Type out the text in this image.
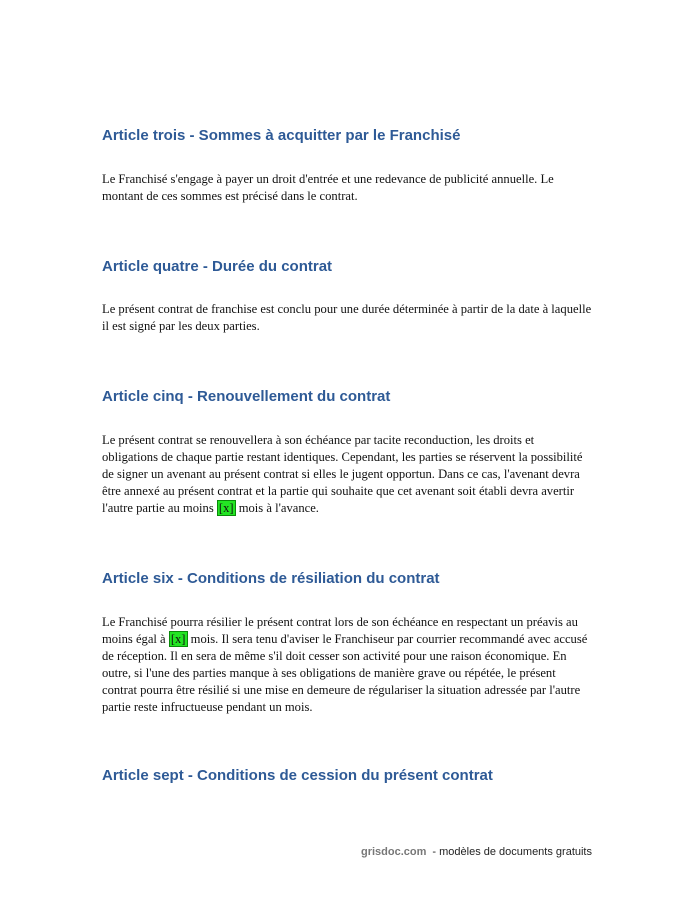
Article trois - Sommes à acquitter par le Franchisé

Le Franchisé s'engage à payer un droit d'entrée et une redevance de publicité annuelle. Le montant de ces sommes est précisé dans le contrat.

Article quatre - Durée du contrat

Le présent contrat de franchise est conclu pour une durée déterminée à partir de la date à laquelle il est signé par les deux parties.

Article cinq - Renouvellement du contrat

Le présent contrat se renouvellera à son échéance par tacite reconduction, les droits et obligations de chaque partie restant identiques. Cependant, les parties se réservent la possibilité de signer un avenant au présent contrat si elles le jugent opportun. Dans ce cas, l'avenant devra être annexé au présent contrat et la partie qui souhaite que cet avenant soit établi devra avertir l'autre partie au moins [x] mois à l'avance.

Article six - Conditions de résiliation du contrat

Le Franchisé pourra résilier le présent contrat lors de son échéance en respectant un préavis au moins égal à [x] mois. Il sera tenu d'aviser le Franchiseur par courrier recommandé avec accusé de réception. Il en sera de même s'il doit cesser son activité pour une raison économique. En outre, si l'une des parties manque à ses obligations de manière grave ou répétée, le présent contrat pourra être résilié si une mise en demeure de régulariser la situation adressée par l'autre partie reste infructueuse pendant un mois.

Article sept - Conditions de cession du présent contrat
grisdoc.com - modèles de documents gratuits
